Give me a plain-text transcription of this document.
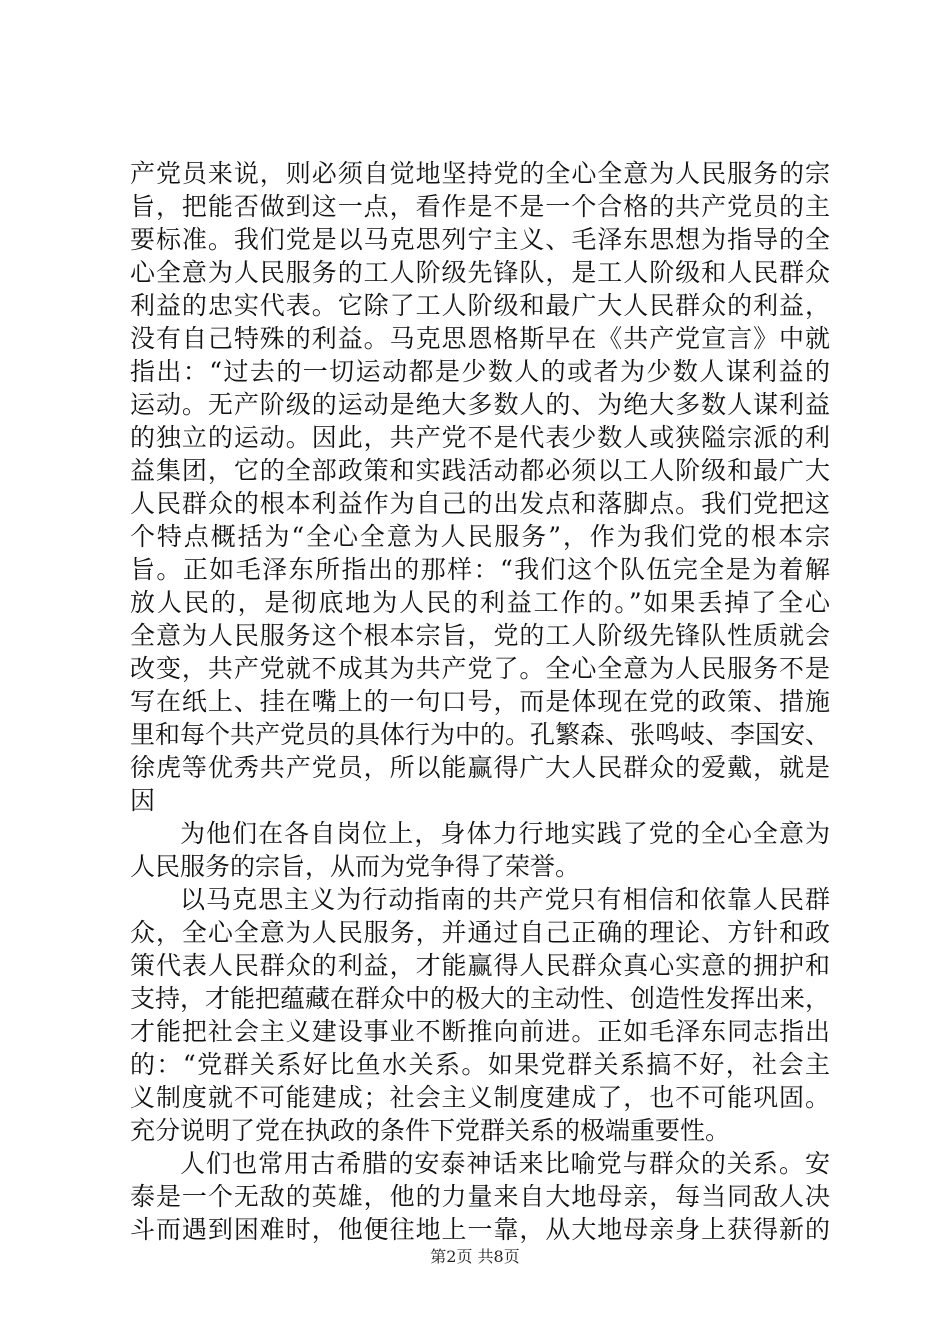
产党员来说，则必须自觉地坚持党的全心全意为人民服务的宗
旨，把能否做到这一点，看作是不是一个合格的共产党员的主
要标准。我们党是以马克思列宁主义、毛泽东思想为指导的全
心全意为人民服务的工人阶级先锋队，是工人阶级和人民群众
利益的忠实代表。它除了工人阶级和最广大人民群众的利益，
没有自己特殊的利益。马克思恩格斯早在《共产党宣言》中就
指出：“过去的一切运动都是少数人的或者为少数人谋利益的
运动。无产阶级的运动是绝大多数人的、为绝大多数人谋利益
的独立的运动。因此，共产党不是代表少数人或狭隘宗派的利
益集团，它的全部政策和实践活动都必须以工人阶级和最广大
人民群众的根本利益作为自己的出发点和落脚点。我们党把这
个特点概括为“全心全意为人民服务”，作为我们党的根本宗
旨。正如毛泽东所指出的那样：“我们这个队伍完全是为着解
放人民的，是彻底地为人民的利益工作的。”如果丢掉了全心
全意为人民服务这个根本宗旨，党的工人阶级先锋队性质就会
改变，共产党就不成其为共产党了。全心全意为人民服务不是
写在纸上、挂在嘴上的一句口号，而是体现在党的政策、措施
里和每个共产党员的具体行为中的。孔繁森、张鸣岐、李国安、
徐虎等优秀共产党员，所以能赢得广大人民群众的爱戴，就是
因
为他们在各自岗位上，身体力行地实践了党的全心全意为
人民服务的宗旨，从而为党争得了荣誉。
以马克思主义为行动指南的共产党只有相信和依靠人民群
众，全心全意为人民服务，并通过自己正确的理论、方针和政
策代表人民群众的利益，才能赢得人民群众真心实意的拥护和
支持，才能把蕴藏在群众中的极大的主动性、创造性发挥出来，
才能把社会主义建设事业不断推向前进。正如毛泽东同志指出
的：“党群关系好比鱼水关系。如果党群关系搞不好，社会主
义制度就不可能建成；社会主义制度建成了，也不可能巩固。
充分说明了党在执政的条件下党群关系的极端重要性。
人们也常用古希腊的安泰神话来比喻党与群众的关系。安
泰是一个无敌的英雄，他的力量来自大地母亲，每当同敌人决
斗而遇到困难时，他便往地上一靠，从大地母亲身上获得新的
第2页 共8页
